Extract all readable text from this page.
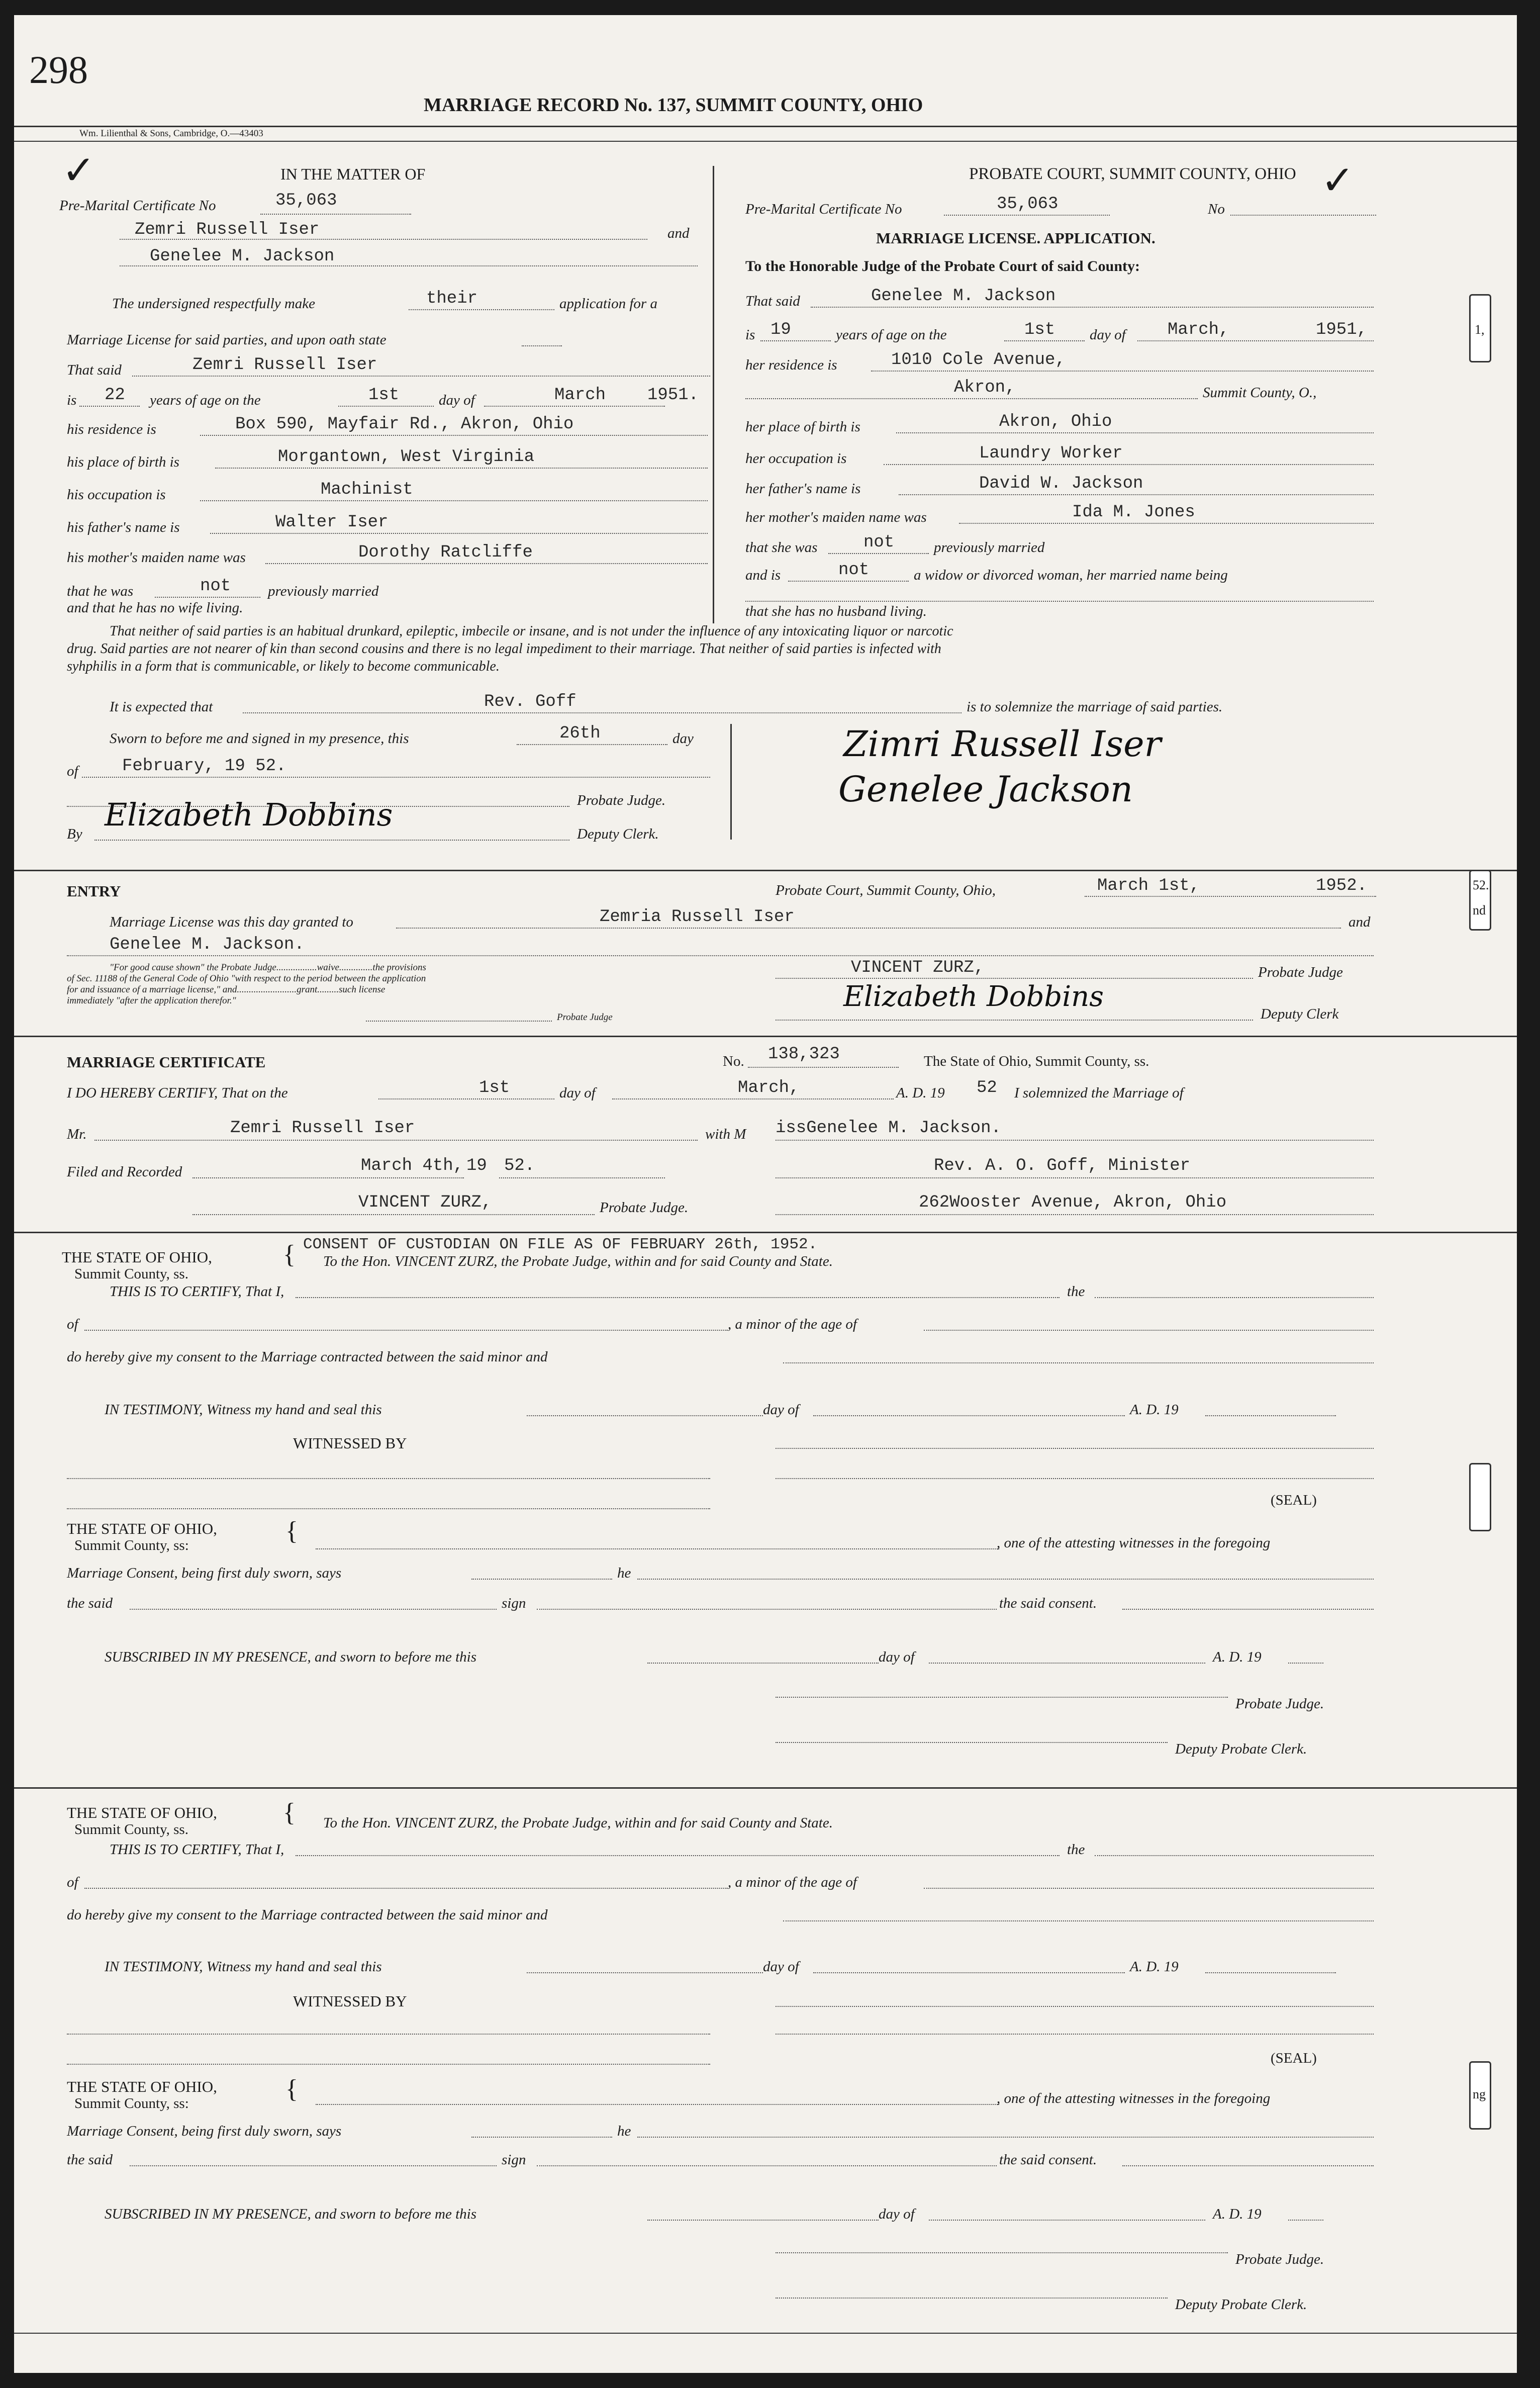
298
MARRIAGE RECORD No. 137, SUMMIT COUNTY, OHIO
Wm. Lilienthal & Sons, Cambridge, O.—43403
✓	✓
IN THE MATTER OF
Pre-Marital Certificate No	35,063
Zemri Russell Iser	and
Genelee M. Jackson
The undersigned respectfully make	their	application for a
Marriage License for said parties, and upon oath state
That said	Zemri Russell Iser
is 22 years of age on the	1st	day of	March 1951.
his residence is	Box 590, Mayfair Rd., Akron, Ohio
his place of birth is	Morgantown, West Virginia
his occupation is	Machinist
his father's name is	Walter Iser
his mother's maiden name was	Dorothy Ratcliffe
that he was	not	previously married
and that he has no wife living.
PROBATE COURT, SUMMIT COUNTY, OHIO
Pre-Marital Certificate No	35,063	No
MARRIAGE LICENSE. APPLICATION.
To the Honorable Judge of the Probate Court of said County:
That said	Genelee M. Jackson
is 19	years of age on the	1st day of March,	1951,
her residence is	1010 Cole Avenue,
Akron,	Summit County, O.,
her place of birth is	Akron, Ohio
her occupation is	Laundry Worker
her father's name is	David W. Jackson
her mother's maiden name was	Ida M. Jones
that she was	not	previously married
and is	not	a widow or divorced woman, her married name being
that she has no husband living.
That neither of said parties is an habitual drunkard, epileptic, imbecile or insane, and is not under the influence of any intoxicating liquor or narcotic
drug. Said parties are not nearer of kin than second cousins and there is no legal impediment to their marriage. That neither of said parties is infected with
syhphilis in a form that is communicable, or likely to become communicable.
It is expected that	Rev. Goff	is to solemnize the marriage of said parties.
Sworn to before me and signed in my presence, this	26th	day
of	February, 19 52.
Probate Judge.
By
Elizabeth Dobbins
Deputy Clerk.
Zimri Russell Iser
Genelee Jackson
ENTRY	Probate Court, Summit County, Ohio,	March 1st,	1952.
Marriage License was this day granted to	Zemria Russell Iser	and
Genelee M. Jackson.
"For good cause shown" the Probate Judge.................waive..............the provisions
of Sec. 11188 of the General Code of Ohio "with respect to the period between the application
for and issuance of a marriage license," and.........................grant.........such license
immediately "after the application therefor."
Probate Judge
VINCENT ZURZ,	Probate Judge
Elizabeth Dobbins
Deputy Clerk
MARRIAGE CERTIFICATE	No. 138,323	The State of Ohio, Summit County, ss.
I DO HEREBY CERTIFY, That on the	1st	day of	March,	A. D. 19 52 I solemnized the Marriage of
Mr.	Zemri Russell Iser	with M issGenelee M. Jackson.
Filed and Recorded	March 4th, 19 52.	Rev. A. O. Goff, Minister
VINCENT ZURZ,	Probate Judge.	262Wooster Avenue, Akron, Ohio
THE STATE OF OHIO,
Summit County, ss.
{ CONSENT OF CUSTODIAN ON FILE AS OF FEBRUARY 26th, 1952.
To the Hon. VINCENT ZURZ, the Probate Judge, within and for said County and State.
THIS IS TO CERTIFY, That I,	the
of	, a minor of the age of
do hereby give my consent to the Marriage contracted between the said minor and
IN TESTIMONY, Witness my hand and seal this	day of	A. D. 19
WITNESSED BY
(SEAL)
THE STATE OF OHIO,
Summit County, ss:	{	, one of the attesting witnesses in the foregoing
Marriage Consent, being first duly sworn, says	he
the said	sign	the said consent.
SUBSCRIBED IN MY PRESENCE, and sworn to before me this	day of	A. D. 19
Probate Judge.
Deputy Probate Clerk.
THE STATE OF OHIO,
Summit County, ss.
{ To the Hon. VINCENT ZURZ, the Probate Judge, within and for said County and State.
THIS IS TO CERTIFY, That I,	the
of	, a minor of the age of
do hereby give my consent to the Marriage contracted between the said minor and
IN TESTIMONY, Witness my hand and seal this	day of	A. D. 19
WITNESSED BY
(SEAL)
THE STATE OF OHIO,
Summit County, ss:	{	, one of the attesting witnesses in the foregoing
Marriage Consent, being first duly sworn, says	he
the said	sign	the said consent.
SUBSCRIBED IN MY PRESENCE, and sworn to before me this	day of	A. D. 19
Probate Judge.
Deputy Probate Clerk.
1,
52.
nd
ng
